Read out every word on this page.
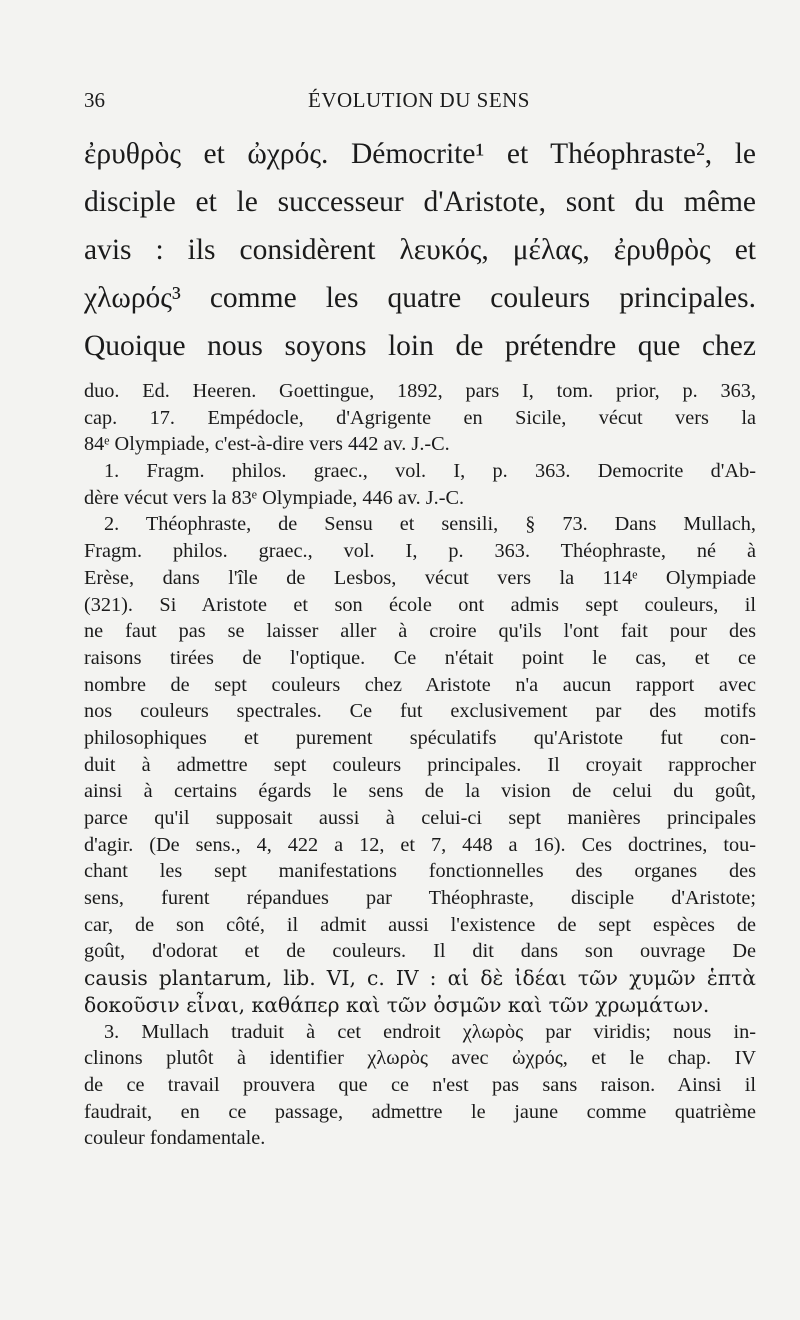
36	ÉVOLUTION DU SENS
ἐρυθρὸς et ὠχρός. Démocrite¹ et Théophraste², le
disciple et le successeur d'Aristote, sont du même
avis : ils considèrent λευκός, μέλας, ἐρυθρὸς et
χλωρός³ comme les quatre couleurs principales.
Quoique nous soyons loin de prétendre que chez
duo. Ed. Heeren. Goettingue, 1892, pars I, tom. prior, p. 363,
cap. 17. Empédocle, d'Agrigente en Sicile, vécut vers la
84ᵉ Olympiade, c'est-à-dire vers 442 av. J.-C.
1. Fragm. philos. graec., vol. I, p. 363. Democrite d'Ab-
dère vécut vers la 83ᵉ Olympiade, 446 av. J.-C.
2. Théophraste, de Sensu et sensili, § 73. Dans Mullach,
Fragm. philos. graec., vol. I, p. 363. Théophraste, né à
Erèse, dans l'île de Lesbos, vécut vers la 114ᵉ Olympiade
(321). Si Aristote et son école ont admis sept couleurs, il
ne faut pas se laisser aller à croire qu'ils l'ont fait pour des
raisons tirées de l'optique. Ce n'était point le cas, et ce
nombre de sept couleurs chez Aristote n'a aucun rapport avec
nos couleurs spectrales. Ce fut exclusivement par des motifs
philosophiques et purement spéculatifs qu'Aristote fut con-
duit à admettre sept couleurs principales. Il croyait rapprocher
ainsi à certains égards le sens de la vision de celui du goût,
parce qu'il supposait aussi à celui-ci sept manières principales
d'agir. (De sens., 4, 422 a 12, et 7, 448 a 16). Ces doctrines, tou-
chant les sept manifestations fonctionnelles des organes des
sens, furent répandues par Théophraste, disciple d'Aristote;
car, de son côté, il admit aussi l'existence de sept espèces de
goût, d'odorat et de couleurs. Il dit dans son ouvrage De
causis plantarum, lib. VI, c. IV : αἱ δὲ ἰδέαι τῶν χυμῶν ἑπτὰ
δοκοῦσιν εἶναι, καθάπερ καὶ τῶν ὀσμῶν καὶ τῶν χρωμάτων.
3. Mullach traduit à cet endroit χλωρὸς par viridis; nous in-
clinons plutôt à identifier χλωρὸς avec ὠχρός, et le chap. IV
de ce travail prouvera que ce n'est pas sans raison. Ainsi il
faudrait, en ce passage, admettre le jaune comme quatrième
couleur fondamentale.
